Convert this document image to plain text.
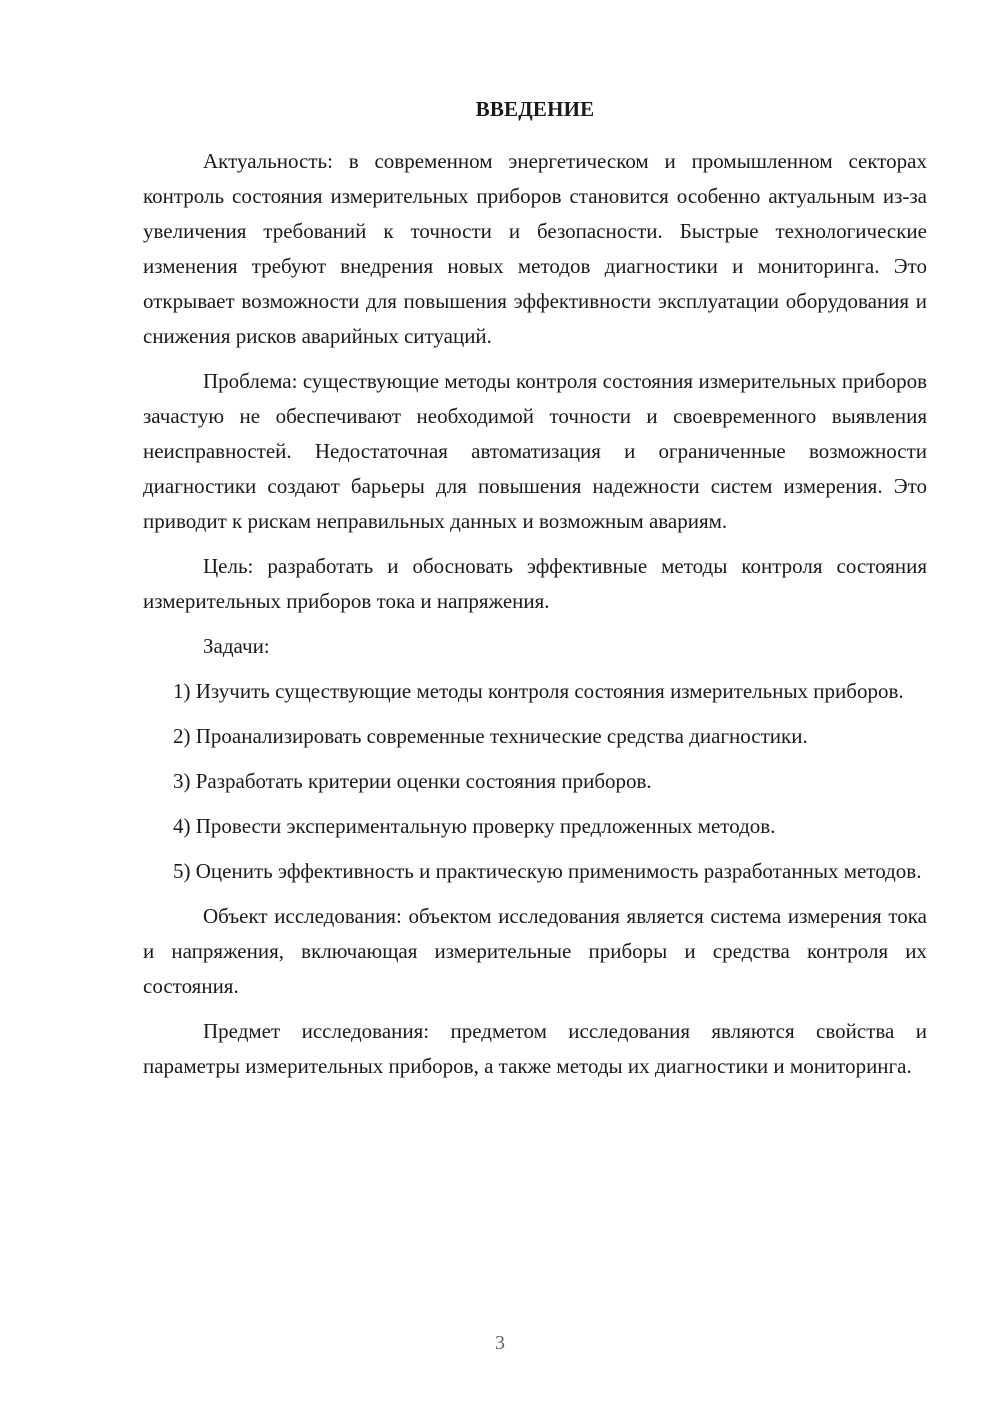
ВВЕДЕНИЕ

Актуальность: в современном энергетическом и промышленном секторах контроль состояния измерительных приборов становится особенно актуальным из-за увеличения требований к точности и безопасности. Быстрые технологические изменения требуют внедрения новых методов диагностики и мониторинга. Это открывает возможности для повышения эффективности эксплуатации оборудования и снижения рисков аварийных ситуаций.

Проблема: существующие методы контроля состояния измерительных приборов зачастую не обеспечивают необходимой точности и своевременного выявления неисправностей. Недостаточная автоматизация и ограниченные возможности диагностики создают барьеры для повышения надежности систем измерения. Это приводит к рискам неправильных данных и возможным авариям.

Цель: разработать и обосновать эффективные методы контроля состояния измерительных приборов тока и напряжения.

Задачи:

1) Изучить существующие методы контроля состояния измерительных приборов.

2) Проанализировать современные технические средства диагностики.

3) Разработать критерии оценки состояния приборов.

4) Провести экспериментальную проверку предложенных методов.

5) Оценить эффективность и практическую применимость разработанных методов.

Объект исследования: объектом исследования является система измерения тока и напряжения, включающая измерительные приборы и средства контроля их состояния.

Предмет исследования: предметом исследования являются свойства и параметры измерительных приборов, а также методы их диагностики и мониторинга.

3
